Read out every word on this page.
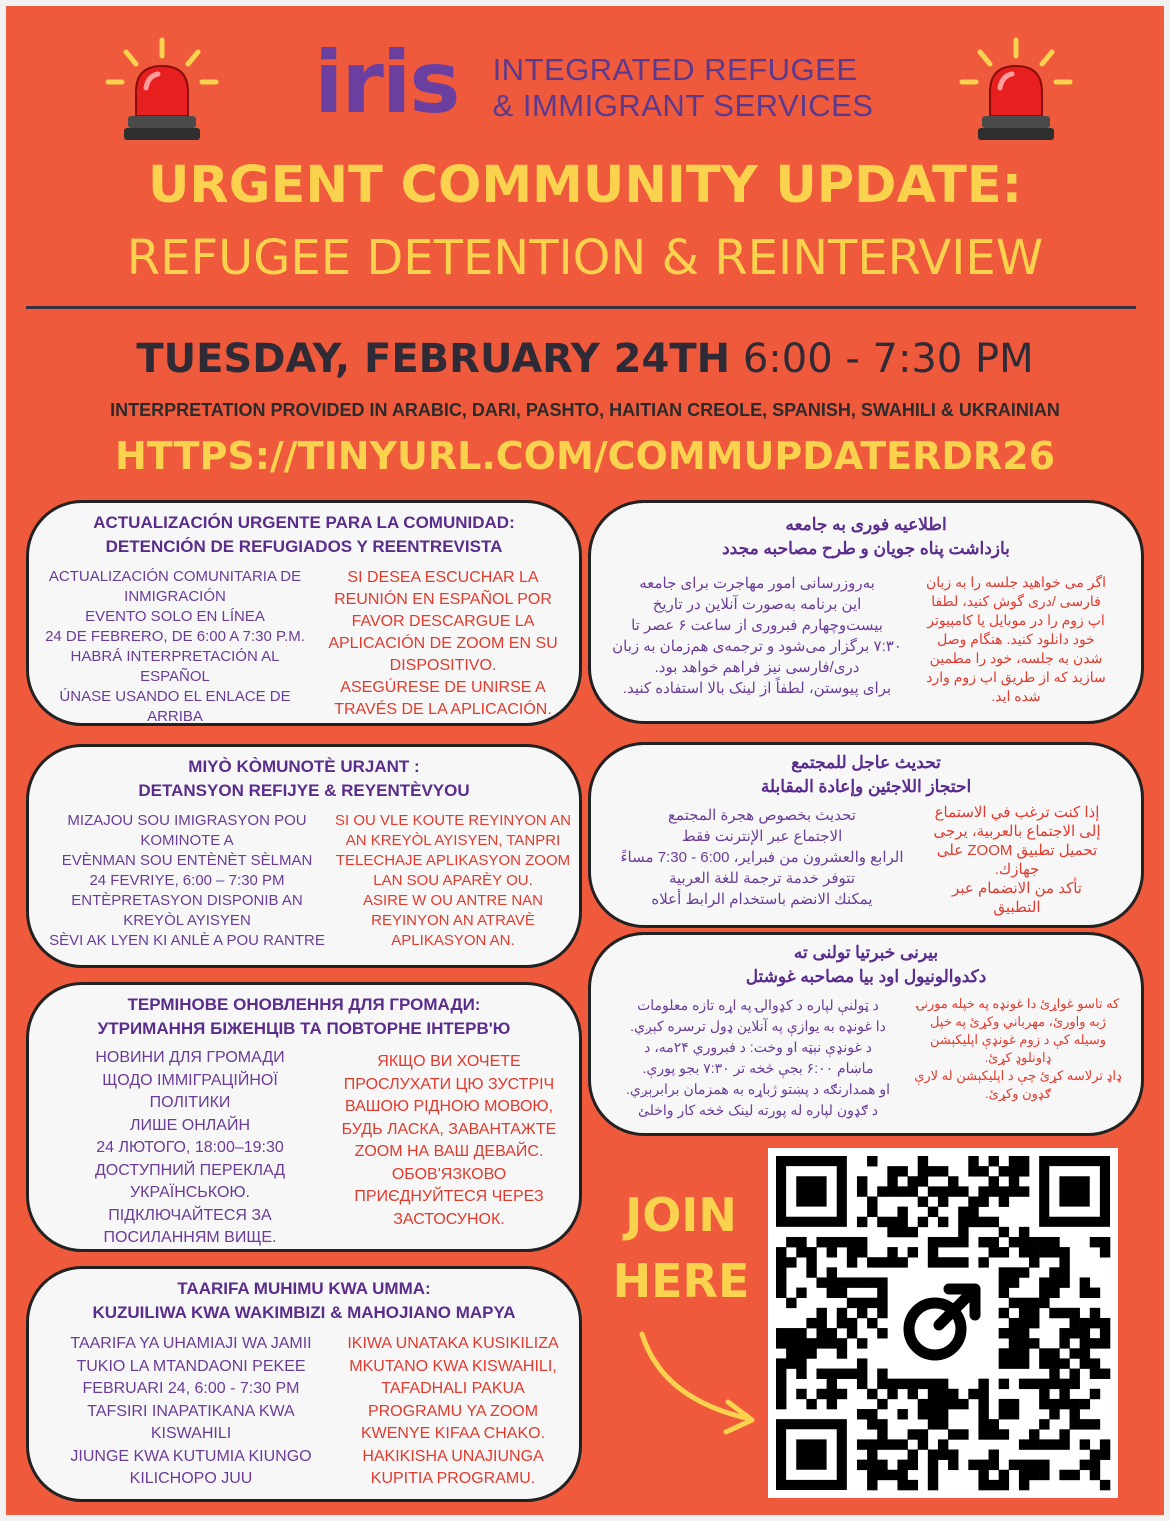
iris INTEGRATED REFUGEE
& IMMIGRANT SERVICES
URGENT COMMUNITY UPDATE:
REFUGEE DETENTION & REINTERVIEW
TUESDAY, FEBRUARY 24TH 6:00 - 7:30 PM
INTERPRETATION PROVIDED IN ARABIC, DARI, PASHTO, HAITIAN CREOLE, SPANISH, SWAHILI & UKRAINIAN
HTTPS://TINYURL.COM/COMMUPDATERDR26
ACTUALIZACIÓN URGENTE PARA LA COMUNIDAD:
DETENCIÓN DE REFUGIADOS Y REENTREVISTA
ACTUALIZACIÓN COMUNITARIA DE
INMIGRACIÓN
EVENTO SOLO EN LÍNEA
24 DE FEBRERO, DE 6:00 A 7:30 P.M.
HABRÁ INTERPRETACIÓN AL
ESPAÑOL
ÚNASE USANDO EL ENLACE DE
ARRIBA
SI DESEA ESCUCHAR LA
REUNIÓN EN ESPAÑOL POR
FAVOR DESCARGUE LA
APLICACIÓN DE ZOOM EN SU
DISPOSITIVO.
ASEGÚRESE DE UNIRSE A
TRAVÉS DE LA APLICACIÓN.
MIYÒ KÒMUNOTÈ URJANT :
DETANSYON REFIJYE & REYENTÈVYOU
MIZAJOU SOU IMIGRASYON POU
KOMINOTE A
EVÈNMAN SOU ENTÈNÈT SÈLMAN
24 FEVRIYE, 6:00 – 7:30 PM
ENTÈPRETASYON DISPONIB AN
KREYÒL AYISYEN
SÈVI AK LYEN KI ANLÈ A POU RANTRE
SI OU VLE KOUTE REYINYON AN
AN KREYÒL AYISYEN, TANPRI
TELECHAJE APLIKASYON ZOOM
LAN SOU APARÈY OU.
ASIRE W OU ANTRE NAN
REYINYON AN ATRAVÈ
APLIKASYON AN.
ТЕРМІНОВЕ ОНОВЛЕННЯ ДЛЯ ГРОМАДИ:
УТРИМАННЯ БІЖЕНЦІВ ТА ПОВТОРНЕ ІНТЕРВ'Ю
НОВИНИ ДЛЯ ГРОМАДИ
ЩОДО ІММІГРАЦІЙНОЇ
ПОЛІТИКИ
ЛИШЕ ОНЛАЙН
24 ЛЮТОГО, 18:00–19:30
ДОСТУПНИЙ ПЕРЕКЛАД
УКРАЇНСЬКОЮ.
ПІДКЛЮЧАЙТЕСЯ ЗА
ПОСИЛАННЯМ ВИЩЕ.
ЯКЩО ВИ ХОЧЕТЕ
ПРОСЛУХАТИ ЦЮ ЗУСТРІЧ
ВАШОЮ РІДНОЮ МОВОЮ,
БУДЬ ЛАСКА, ЗАВАНТАЖТЕ
ZOOM НА ВАШ ДЕВАЙС.
ОБОВ'ЯЗКОВО
ПРИЄДНУЙТЕСЯ ЧЕРЕЗ
ЗАСТОСУНОК.
TAARIFA MUHIMU KWA UMMA:
KUZUILIWA KWA WAKIMBIZI & MAHOJIANO MAPYA
TAARIFA YA UHAMIAJI WA JAMII
TUKIO LA MTANDAONI PEKEE
FEBRUARI 24, 6:00 - 7:30 PM
TAFSIRI INAPATIKANA KWA
KISWAHILI
JIUNGE KWA KUTUMIA KIUNGO
KILICHOPO JUU
IKIWA UNATAKA KUSIKILIZA
MKUTANO KWA KISWAHILI,
TAFADHALI PAKUA
PROGRAMU YA ZOOM
KWENYE KIFAA CHAKO.
HAKIKISHA UNAJIUNGA
KUPITIA PROGRAMU.
اطلاعیه فوری به جامعه
بازداشت پناه جویان و طرح مصاحبه مجدد
به‌روزرسانی امور مهاجرت برای جامعه
این برنامه به‌صورت آنلاین در تاریخ
بیست‌وچهارم فبروری از ساعت ۶ عصر تا
۷:۳۰ برگزار می‌شود و ترجمه‌ی هم‌زمان به زبان
دری/فارسی نیز فراهم خواهد بود.
برای پیوستن، لطفاً از لینک بالا استفاده کنید.
اگر می خواهید جلسه را به زبان
فارسی /دری گوش کنید، لطفا
اپ زوم را در موبایل یا کامپیوتر
خود دانلود کنید. هنگام وصل
شدن به جلسه، خود را مطمین
سازید که از طریق اپ زوم وارد
شده اید.
تحديث عاجل للمجتمع
احتجاز اللاجئين وإعادة المقابلة
تحديث بخصوص هجرة المجتمع
الاجتماع عبر الإنترنت فقط
الرابع والعشرون من فبراير، 6:00 - 7:30 مساءً
تتوفر خدمة ترجمة للغة العربية
يمكنك الانضم باستخدام الرابط أعلاه
إذا كنت ترغب في الاستماع
إلى الاجتماع بالعربية، يرجى
تحميل تطبيق ZOOM على
جهازك.
تأكد من الانضمام عبر
التطبيق
بیرنی خبرتیا تولنی ته
دکدوالونیول اود بیا مصاحبه غوشتل
د ټولنې لپاره د کډوالۍ په اړه تازه معلومات
دا غونډه به یوازې په آنلاین ډول ترسره کېږي.
د غونډې نېټه او وخت: د فبروري ۲۴مه، د
ماښام ۶:۰۰ بجې څخه تر ۷:۳۰ بجو پورې.
او همدارنګه د پښتو ژباړه به همزمان برابرېږي.
د ګډون لپاره له پورته لینک څخه کار واخلئ
که تاسو غواړئ دا غونډه په خپله مورنۍ
ژبه واورئ، مهرباني وکړئ په خپل
وسیله کې د زوم غونډې اپلیکېشن
ډاونلوډ کړئ.
ډاډ ترلاسه کړئ چې د اپلیکېشن له لارې
ګډون وکړئ.
JOIN
HERE
